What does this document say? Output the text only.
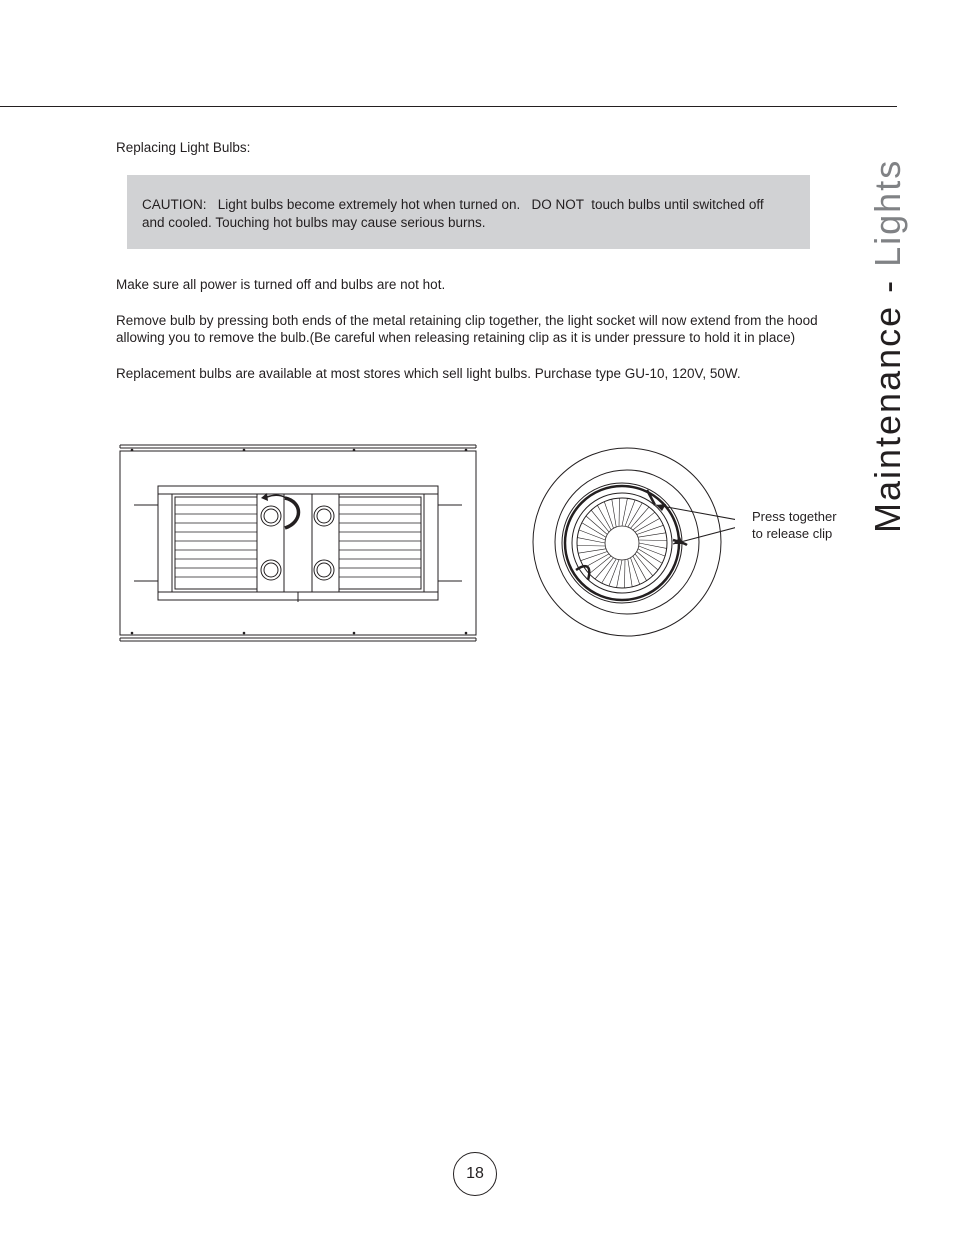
Replacing Light Bulbs:
CAUTION: Light bulbs become extremely hot when turned on. DO NOT touch bulbs until switched off
and cooled. Touching hot bulbs may cause serious burns.
Make sure all power is turned off and bulbs are not hot.
Remove bulb by pressing both ends of the metal retaining clip together, the light socket will now extend from the hood allowing you to remove the bulb.(Be careful when releasing retaining clip as it is under pressure to hold it in place)
Replacement bulbs are available at most stores which sell light bulbs. Purchase type GU-10, 120V, 50W.	Maintenance - Lights
Press together
to release clip
18
